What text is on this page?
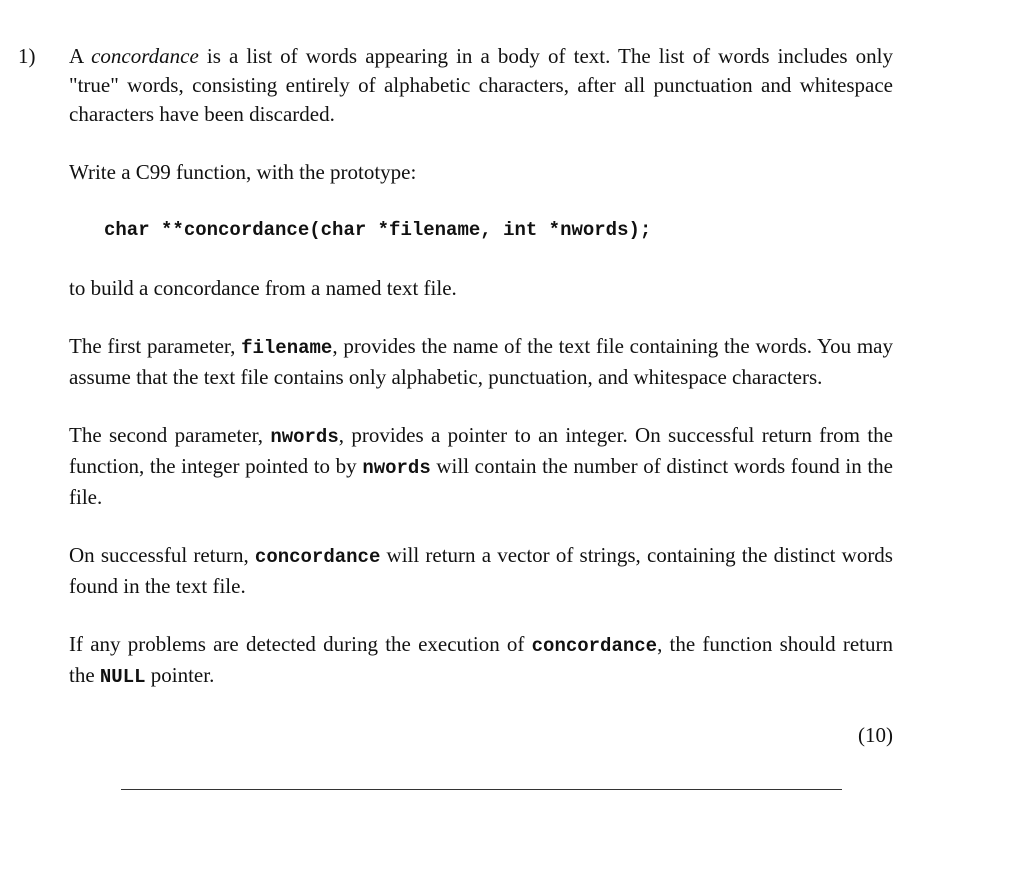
1) A concordance is a list of words appearing in a body of text. The list of words includes only "true" words, consisting entirely of alphabetic characters, after all punctuation and whitespace characters have been discarded.

Write a C99 function, with the prototype:

char **concordance(char *filename, int *nwords);

to build a concordance from a named text file.

The first parameter, filename, provides the name of the text file containing the words. You may assume that the text file contains only alphabetic, punctuation, and whitespace characters.

The second parameter, nwords, provides a pointer to an integer. On successful return from the function, the integer pointed to by nwords will contain the number of distinct words found in the file.

On successful return, concordance will return a vector of strings, containing the distinct words found in the text file.

If any problems are detected during the execution of concordance, the function should return the NULL pointer.

(10)
